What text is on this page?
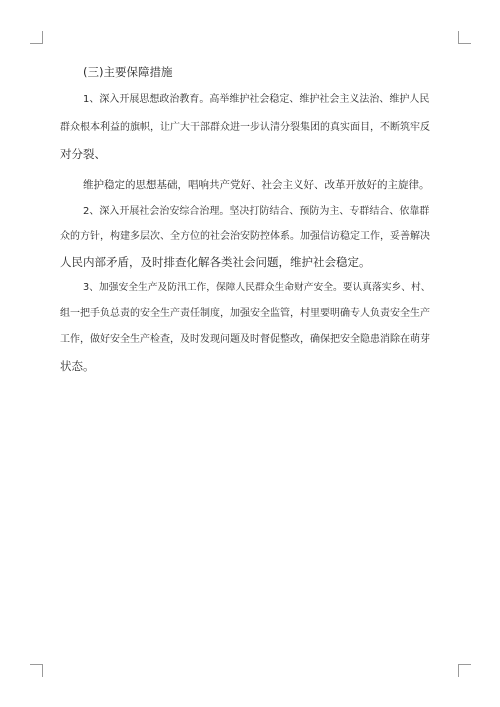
(三)主要保障措施
1、深入开展思想政治教育。高举维护社会稳定、维护社会主义法治、维护人民
群众根本利益的旗帜，让广大干部群众进一步认清分裂集团的真实面目，不断筑牢反
对分裂、
维护稳定的思想基础，唱响共产党好、社会主义好、改革开放好的主旋律。
2、深入开展社会治安综合治理。坚决打防结合、预防为主、专群结合、依靠群
众的方针，构建多层次、全方位的社会治安防控体系。加强信访稳定工作，妥善解决
人民内部矛盾，及时排查化解各类社会问题，维护社会稳定。
3、加强安全生产及防汛工作，保障人民群众生命财产安全。要认真落实乡、村、
组一把手负总责的安全生产责任制度，加强安全监管，村里要明确专人负责安全生产
工作，做好安全生产检查，及时发现问题及时督促整改，确保把安全隐患消除在萌芽
状态。
